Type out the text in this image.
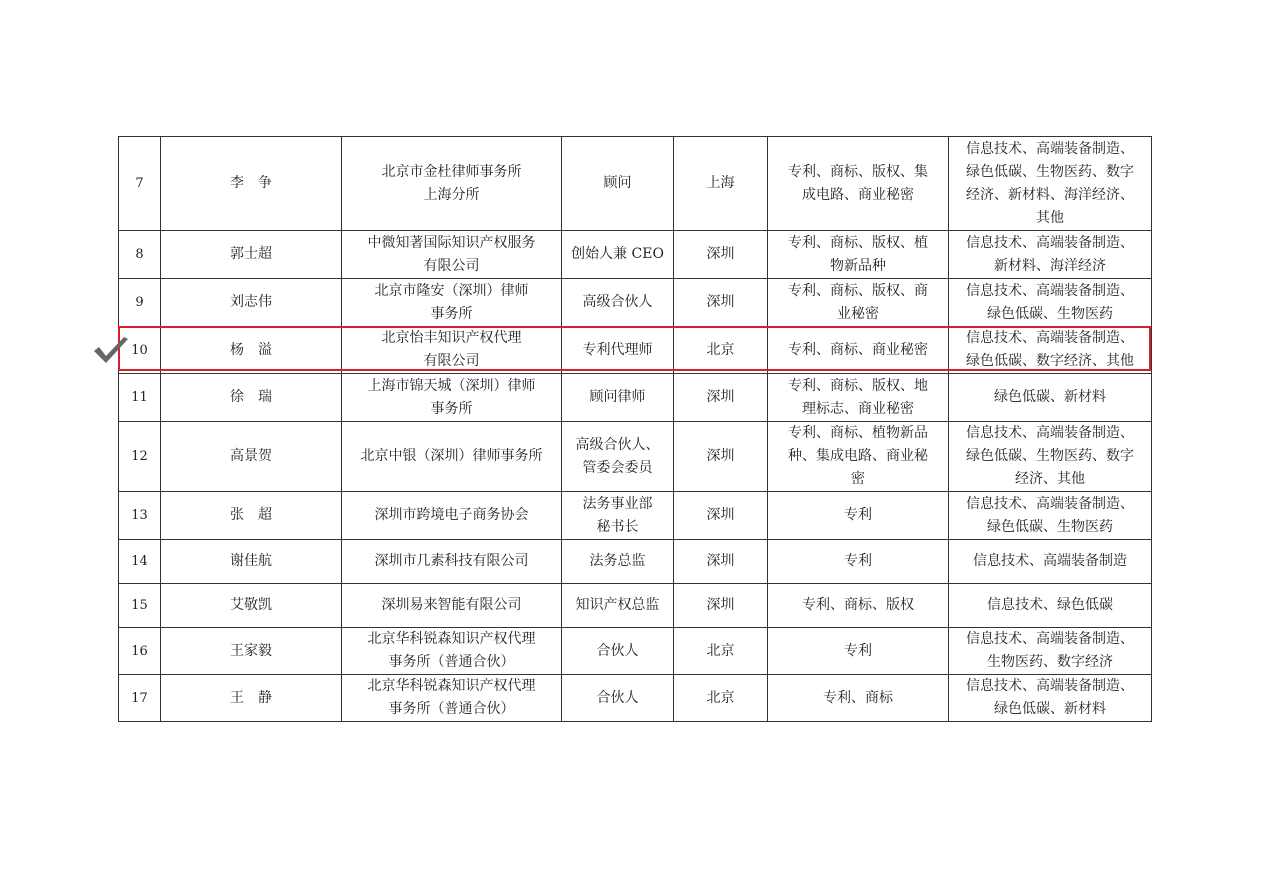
7	李　争	北京市金杜律师事务所
上海分所	顾问	上海	专利、商标、版权、集
成电路、商业秘密	信息技术、高端装备制造、
绿色低碳、生物医药、数字
经济、新材料、海洋经济、
其他
8	郭士超	中微知著国际知识产权服务
有限公司	创始人兼 CEO	深圳	专利、商标、版权、植
物新品种	信息技术、高端装备制造、
新材料、海洋经济
9	刘志伟	北京市隆安（深圳）律师
事务所	高级合伙人	深圳	专利、商标、版权、商
业秘密	信息技术、高端装备制造、
绿色低碳、生物医药
10	杨　溢	北京怡丰知识产权代理
有限公司	专利代理师	北京	专利、商标、商业秘密	信息技术、高端装备制造、
绿色低碳、数字经济、其他
11	徐　瑞	上海市锦天城（深圳）律师
事务所	顾问律师	深圳	专利、商标、版权、地
理标志、商业秘密	绿色低碳、新材料
12	高景贺	北京中银（深圳）律师事务所	高级合伙人、
管委会委员	深圳	专利、商标、植物新品
种、集成电路、商业秘
密	信息技术、高端装备制造、
绿色低碳、生物医药、数字
经济、其他
13	张　超	深圳市跨境电子商务协会	法务事业部
秘书长	深圳	专利	信息技术、高端装备制造、
绿色低碳、生物医药
14	谢佳航	深圳市几素科技有限公司	法务总监	深圳	专利	信息技术、高端装备制造
15	艾敬凯	深圳易来智能有限公司	知识产权总监	深圳	专利、商标、版权	信息技术、绿色低碳
16	王家毅	北京华科锐森知识产权代理
事务所（普通合伙）	合伙人	北京	专利	信息技术、高端装备制造、
生物医药、数字经济
17	王　静	北京华科锐森知识产权代理
事务所（普通合伙）	合伙人	北京	专利、商标	信息技术、高端装备制造、
绿色低碳、新材料
